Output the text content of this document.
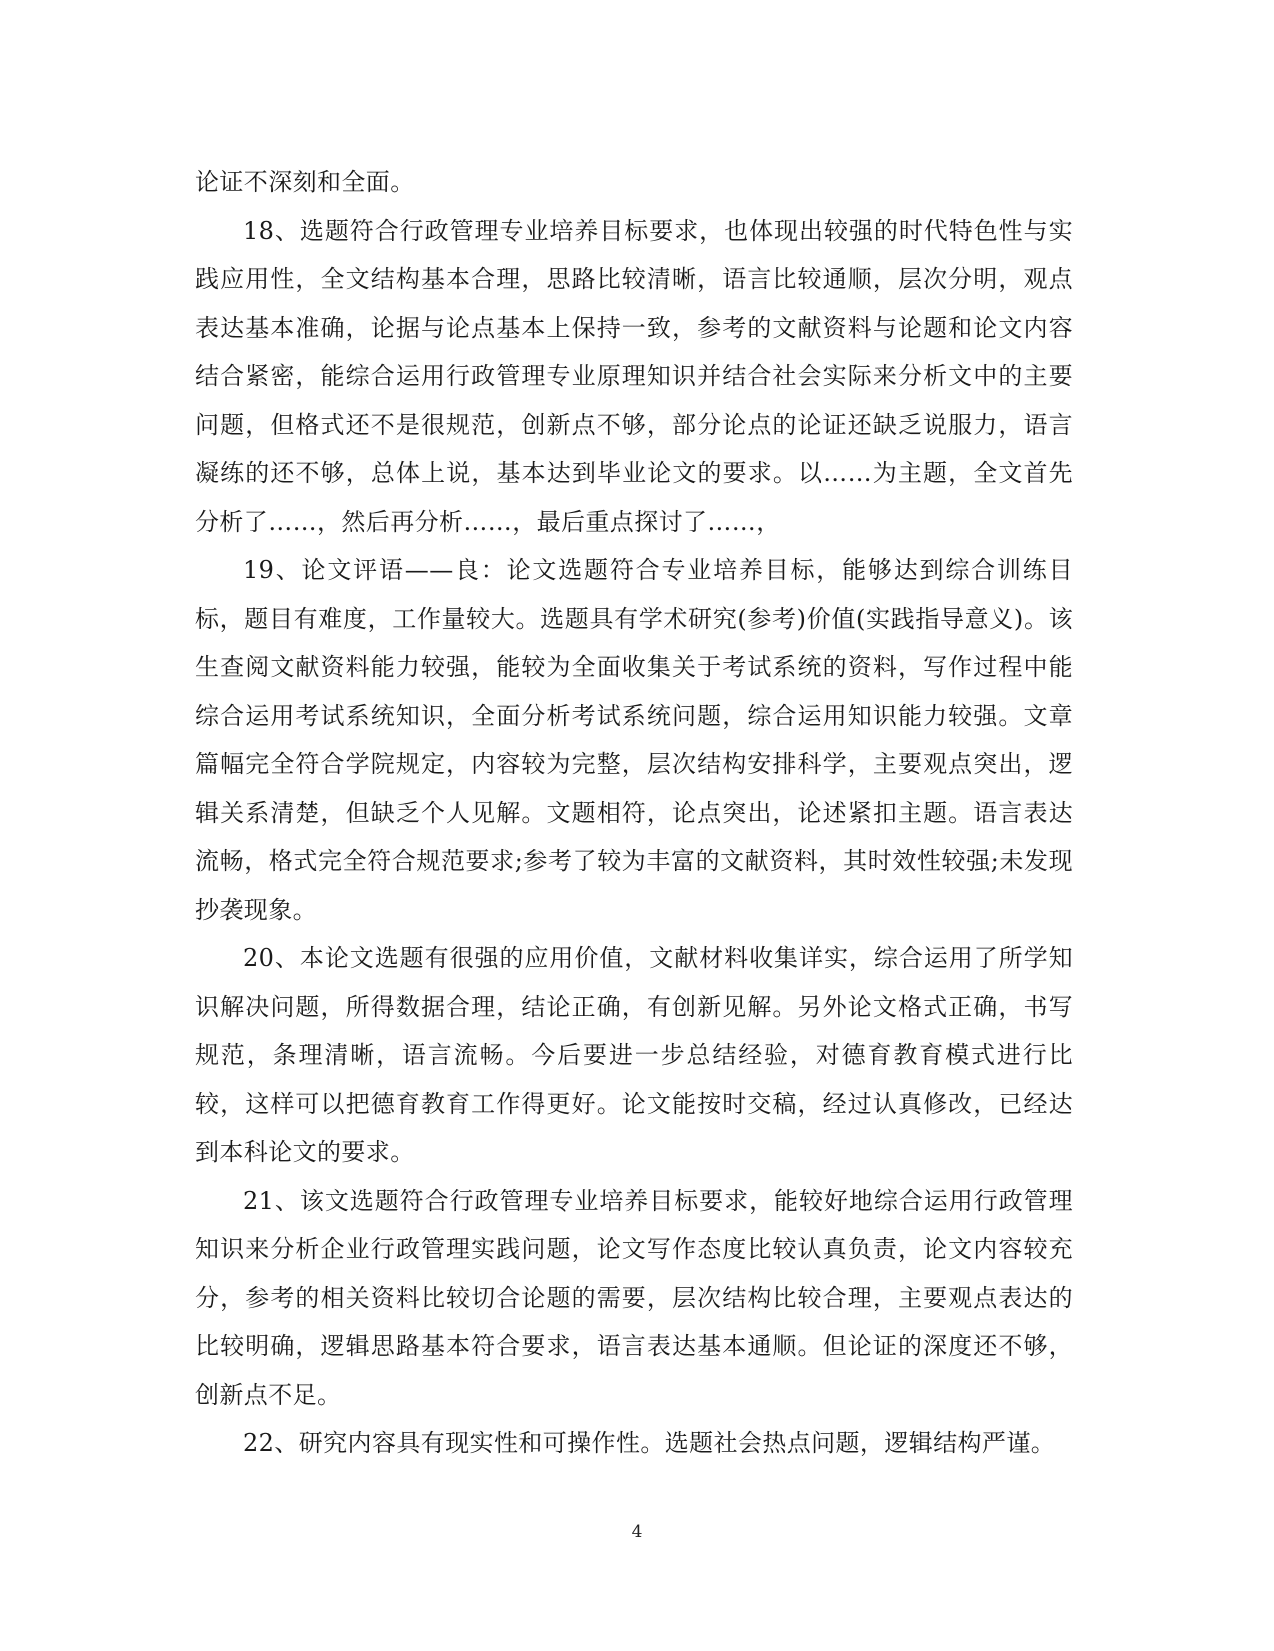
论证不深刻和全面。

18、选题符合行政管理专业培养目标要求，也体现出较强的时代特色性与实践应用性，全文结构基本合理，思路比较清晰，语言比较通顺，层次分明，观点表达基本准确，论据与论点基本上保持一致，参考的文献资料与论题和论文内容结合紧密，能综合运用行政管理专业原理知识并结合社会实际来分析文中的主要问题，但格式还不是很规范，创新点不够，部分论点的论证还缺乏说服力，语言凝练的还不够，总体上说，基本达到毕业论文的要求。以……为主题，全文首先分析了……，然后再分析……，最后重点探讨了……，

19、论文评语——良：论文选题符合专业培养目标，能够达到综合训练目标，题目有难度，工作量较大。选题具有学术研究(参考)价值(实践指导意义)。该生查阅文献资料能力较强，能较为全面收集关于考试系统的资料，写作过程中能综合运用考试系统知识，全面分析考试系统问题，综合运用知识能力较强。文章篇幅完全符合学院规定，内容较为完整，层次结构安排科学，主要观点突出，逻辑关系清楚，但缺乏个人见解。文题相符，论点突出，论述紧扣主题。语言表达流畅，格式完全符合规范要求;参考了较为丰富的文献资料，其时效性较强;未发现抄袭现象。

20、本论文选题有很强的应用价值，文献材料收集详实，综合运用了所学知识解决问题，所得数据合理，结论正确，有创新见解。另外论文格式正确，书写规范，条理清晰，语言流畅。今后要进一步总结经验，对德育教育模式进行比较，这样可以把德育教育工作得更好。论文能按时交稿，经过认真修改，已经达到本科论文的要求。

21、该文选题符合行政管理专业培养目标要求，能较好地综合运用行政管理知识来分析企业行政管理实践问题，论文写作态度比较认真负责，论文内容较充分，参考的相关资料比较切合论题的需要，层次结构比较合理，主要观点表达的比较明确，逻辑思路基本符合要求，语言表达基本通顺。但论证的深度还不够，创新点不足。

22、研究内容具有现实性和可操作性。选题社会热点问题，逻辑结构严谨。

4
